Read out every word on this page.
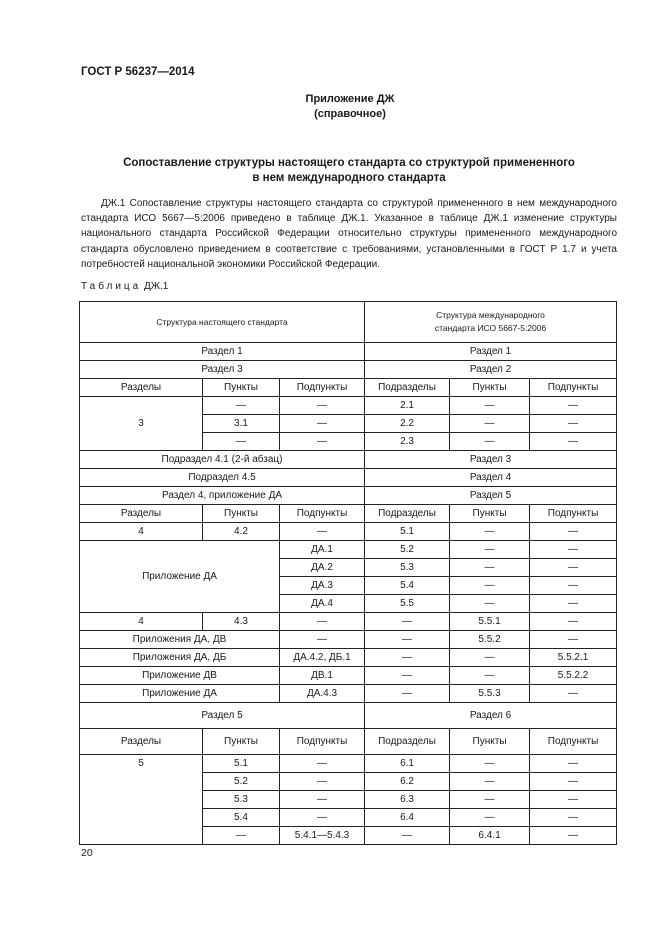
ГОСТ Р 56237—2014
Приложение ДЖ
(справочное)
Сопоставление структуры настоящего стандарта со структурой примененного
в нем международного стандарта
ДЖ.1 Сопоставление структуры настоящего стандарта со структурой примененного в нем международного стандарта ИСО 5667—5:2006 приведено в таблице ДЖ.1. Указанное в таблице ДЖ.1 изменение структуры национального стандарта Российской Федерации относительно структуры примененного международного стандарта обусловлено приведением в соответствие с требованиями, установленными в ГОСТ Р 1.7 и учета потребностей национальной экономики Российской Федерации.
Таблица ДЖ.1
Структура настоящего стандарта			Структура международного
стандарта ИСО 5667-5:2006		

Раздел 1			Раздел 1		
Раздел 3			Раздел 2		
Разделы	Пункты	Подпункты	Подразделы	Пункты	Подпункты
3	—	—	2.1	—	—
	3.1	—	2.2	—	—
	—	—	2.3	—	—
Подраздел 4.1 (2-й абзац)			Раздел 3		
Подраздел 4.5			Раздел 4		
Раздел 4, приложение ДА			Раздел 5		
Разделы	Пункты	Подпункты	Подразделы	Пункты	Подпункты
4	4.2	—	5.1	—	—
Приложение ДА		ДА.1	5.2	—	—
		ДА.2	5.3	—	—
		ДА.3	5.4	—	—
		ДА.4	5.5	—	—
4	4.3	—	—	5.5.1	—
Приложения ДА, ДВ		—	—	5.5.2	—
Приложения ДА, ДБ		ДА.4.2, ДБ.1	—	—	5.5.2.1
Приложение ДВ		ДВ.1	—	—	5.5.2.2
Приложение ДА		ДА.4.3	—	5.5.3	—
Раздел 5			Раздел 6		
Разделы	Пункты	Подпункты	Подразделы	Пункты	Подпункты
5	5.1	—	6.1	—	—
	5.2	—	6.2	—	—
	5.3	—	6.3	—	—
	5.4	—	6.4	—	—
	—	5.4.1—5.4.3	—	6.4.1	—
20
